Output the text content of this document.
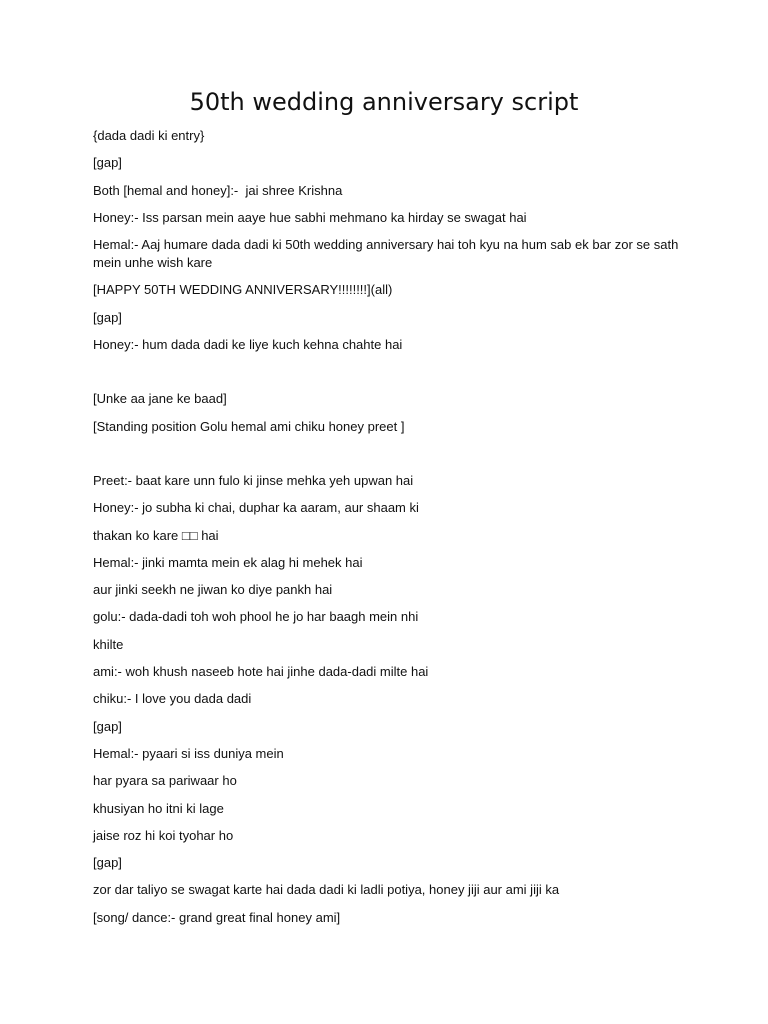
50th wedding anniversary script

{dada dadi ki entry}

[gap]

Both [hemal and honey]:-  jai shree Krishna

Honey:- Iss parsan mein aaye hue sabhi mehmano ka hirday se swagat hai

Hemal:- Aaj humare dada dadi ki 50th wedding anniversary hai toh kyu na hum sab ek bar zor se sath mein unhe wish kare

[HAPPY 50TH WEDDING ANNIVERSARY!!!!!!!!](all)

[gap]

Honey:- hum dada dadi ke liye kuch kehna chahte hai

[Unke aa jane ke baad]

[Standing position Golu hemal ami chiku honey preet ]

Preet:- baat kare unn fulo ki jinse mehka yeh upwan hai

Honey:- jo subha ki chai, duphar ka aaram, aur shaam ki

thakan ko kare □□ hai

Hemal:- jinki mamta mein ek alag hi mehek hai

aur jinki seekh ne jiwan ko diye pankh hai

golu:- dada-dadi toh woh phool he jo har baagh mein nhi

khilte

ami:- woh khush naseeb hote hai jinhe dada-dadi milte hai

chiku:- I love you dada dadi

[gap]

Hemal:- pyaari si iss duniya mein

har pyara sa pariwaar ho

khusiyan ho itni ki lage

jaise roz hi koi tyohar ho

[gap]

zor dar taliyo se swagat karte hai dada dadi ki ladli potiya, honey jiji aur ami jiji ka

[song/ dance:- grand great final honey ami]
